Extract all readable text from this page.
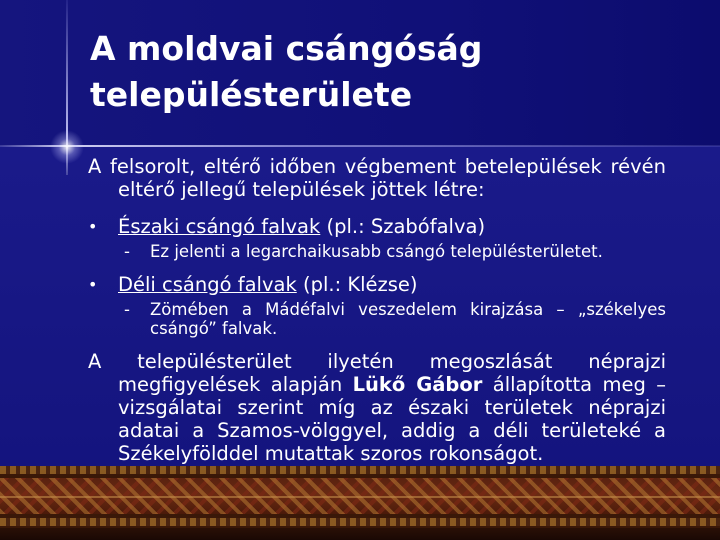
A moldvai csángóság
településterülete
A felsorolt, eltérő időben végbement betelepülések révén eltérő jellegű települések jöttek létre:
• Északi csángó falvak (pl.: Szabófalva)
- Ez jelenti a legarchaikusabb csángó településterületet.
• Déli csángó falvak (pl.: Klézse)
- Zömében a Mádéfalvi veszedelem kirajzása – „székelyes csángó” falvak.
A településterület ilyetén megoszlását néprajzi megfigyelések alapján Lükő Gábor állapította meg – vizsgálatai szerint míg az északi területek néprajzi adatai a Szamos-völggyel, addig a déli területeké a Székelyfölddel mutattak szoros rokonságot.
